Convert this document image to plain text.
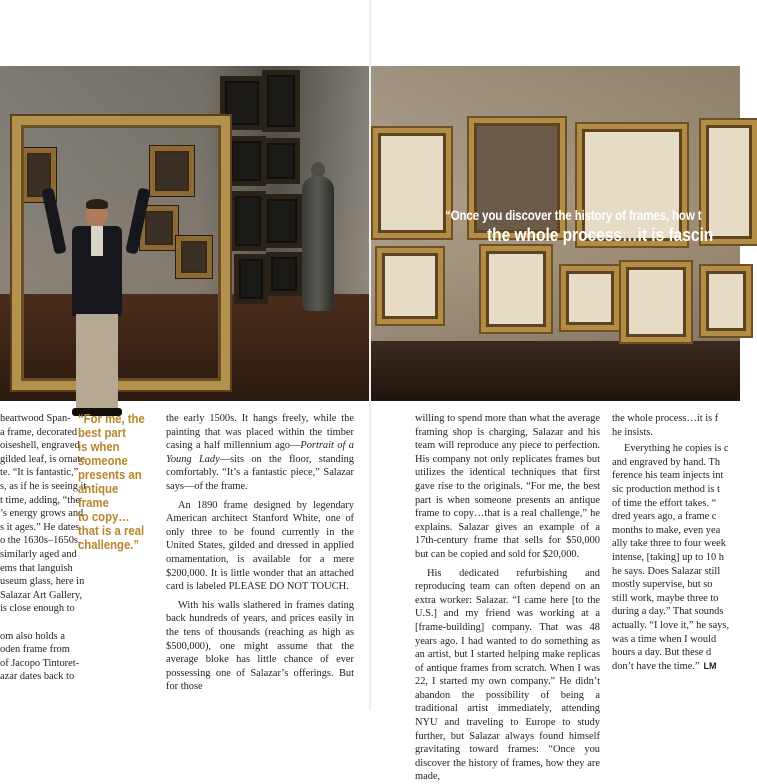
“Once you discover the history of frames, how t
the whole process…it is fascin

heartwood Span-

a frame, decorated

oiseshell, engraved

gilded leaf, is ornate

te. “It is fantastic,”

s, as if he is seeing it

t time, adding, “the

’s energy grows and

s it ages.” He dates

o the 1630s–1650s,

similarly aged and

ems that languish

useum glass, here in

Salazar Art Gallery,

is close enough to

om also holds a

oden frame from

of Jacopo Tintoret-

azar dates back to

“For me, the
best part
is when
someone
presents an
antique frame
to copy…
that is a real
challenge.”

the early 1500s. It hangs freely, while the painting that was placed within the timber casing a half millennium ago—Portrait of a Young Lady—sits on the floor, standing comfortably. “It’s a fantastic piece,” Salazar says—of the frame.

An 1890 frame designed by legendary American architect Stanford White, one of only three to be found currently in the United States, gilded and dressed in applied ornamentation, is available for a mere $200,000. It is little wonder that an attached card is labeled PLEASE DO NOT TOUCH.

With his walls slathered in frames dating back hundreds of years, and prices easily in the tens of thousands (reaching as high as $500,000), one might assume that the average bloke has little chance of ever possessing one of Salazar’s offerings. But for those

willing to spend more than what the average framing shop is charging, Salazar and his team will reproduce any piece to perfection. His company not only replicates frames but utilizes the identical techniques that first gave rise to the originals. “For me, the best part is when someone presents an antique frame to copy…that is a real challenge,” he explains. Salazar gives an example of a 17th-century frame that sells for $50,000 but can be copied and sold for $20,000.

His dedicated refurbishing and reproducing team can often depend on an extra worker: Salazar. “I came here [to the U.S.] and my friend was working at a [frame-building] company. That was 48 years ago. I had wanted to do something as an artist, but I started helping make replicas of antique frames from scratch. When I was 22, I started my own company.” He didn’t abandon the possibility of being a traditional artist immediately, attending NYU and traveling to Europe to study further, but Salazar always found himself gravitating toward frames: “Once you discover the history of frames, how they are made,

the whole process…it is f

he insists.

Everything he copies is c

and engraved by hand. Th

ference his team injects int

sic production method is t

of time the effort takes. “

dred years ago, a frame c

months to make, even yea

ally take three to four week

intense, [taking] up to 10 h

he says. Does Salazar still

mostly supervise, but so

still work, maybe three to

during a day.” That sounds

actually. “I love it,” he says,

was a time when I would

hours a day. But these d

don’t have the time.” LM
